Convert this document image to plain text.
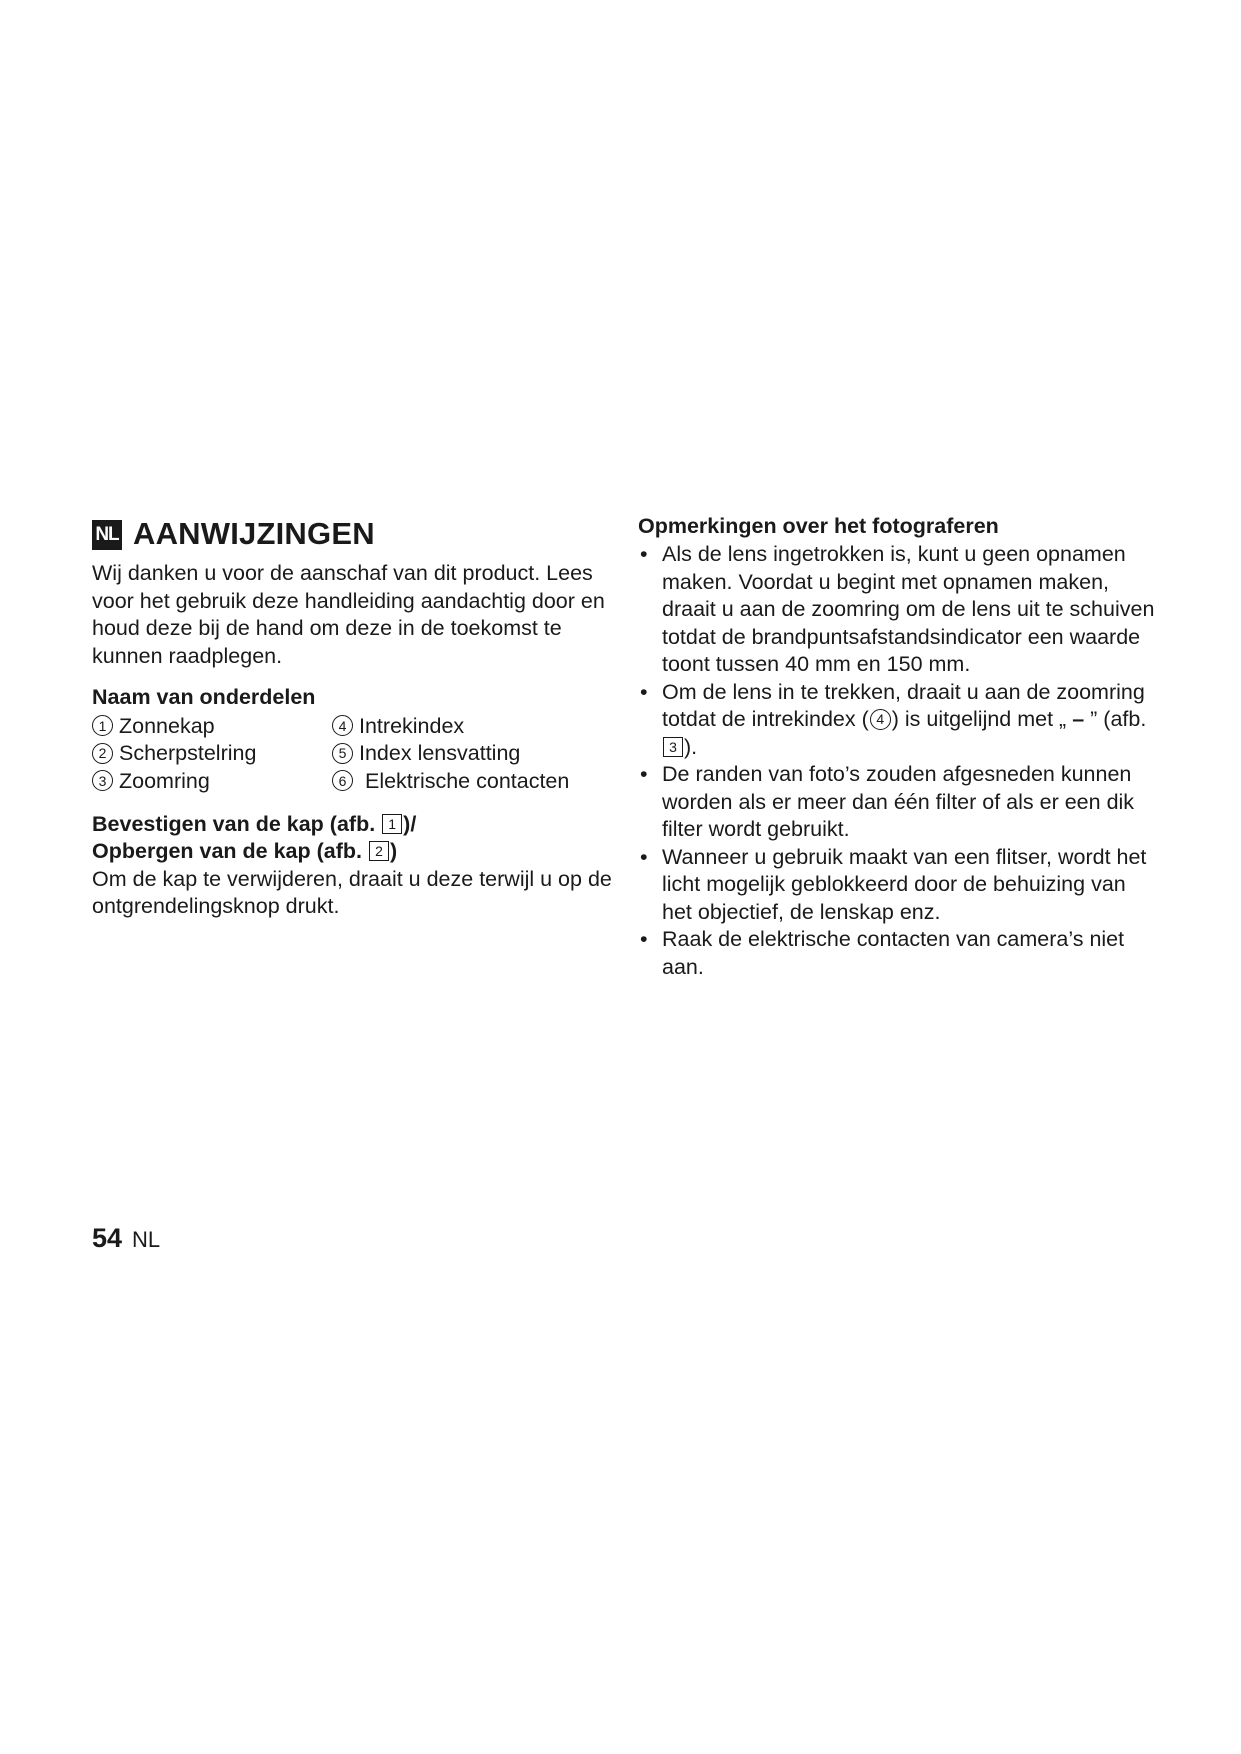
NL AANWIJZINGEN
Wij danken u voor de aanschaf van dit product. Lees voor het gebruik deze handleiding aandachtig door en houd deze bij de hand om deze in de toekomst te kunnen raadplegen.
Naam van onderdelen
1 Zonnekap
2 Scherpstelring
3 Zoomring
4 Intrekindex
5 Index lensvatting
6 Elektrische contacten
Bevestigen van de kap (afb. 1 )/
Opbergen van de kap (afb. 2 )
Om de kap te verwijderen, draait u deze terwijl u op de ontgrendelingsknop drukt.
Opmerkingen over het fotograferen
• Als de lens ingetrokken is, kunt u geen opnamen maken. Voordat u begint met opnamen maken, draait u aan de zoomring om de lens uit te schuiven totdat de brandpuntsafstandsindicator een waarde toont tussen 40 mm en 150 mm.
• Om de lens in te trekken, draait u aan de zoomring totdat de intrekindex ( 4 ) is uitgelijnd met „ – ” (afb. 3 ).
• De randen van foto’s zouden afgesneden kunnen worden als er meer dan één filter of als er een dik filter wordt gebruikt.
• Wanneer u gebruik maakt van een flitser, wordt het licht mogelijk geblokkeerd door de behuizing van het objectief, de lenskap enz.
• Raak de elektrische contacten van camera’s niet aan.
54 NL
